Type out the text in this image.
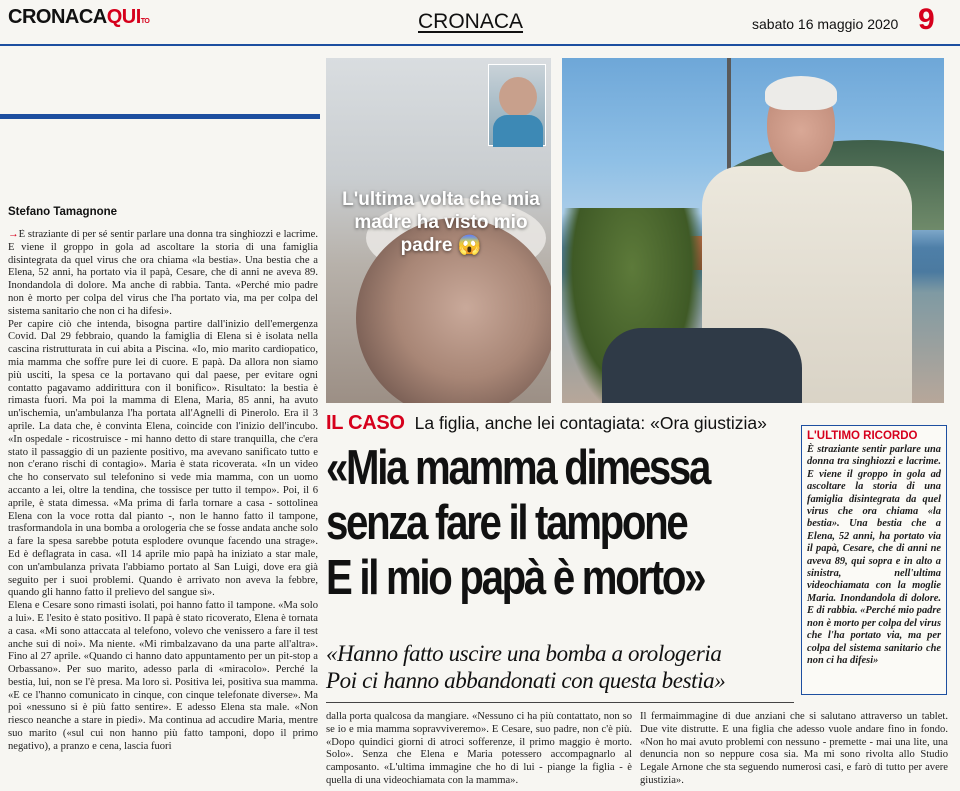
CRONACAQUITO	CRONACA	sabato 16 maggio 2020 9
L'ultima volta che mia madre ha visto mio padre 😱
Stefano Tamagnone

→È straziante di per sé sentir parlare una donna tra singhiozzi e lacrime. E viene il groppo in gola ad ascoltare la storia di una famiglia disintegrata da quel virus che ora chiama «la bestia». Una bestia che a Elena, 52 anni, ha portato via il papà, Cesare, che di anni ne aveva 89. Inondandola di dolore. Ma anche di rabbia. Tanta. «Perché mio padre non è morto per colpa del virus che l'ha portato via, ma per colpa del sistema sanitario che non ci ha difesi».

Per capire ciò che intenda, bisogna partire dall'inizio dell'emergenza Covid. Dal 29 febbraio, quando la famiglia di Elena si è isolata nella cascina ristrutturata in cui abita a Piscina. «Io, mio marito cardiopatico, mia mamma che soffre pure lei di cuore. E papà. Da allora non siamo più usciti, la spesa ce la portavano qui dal paese, per evitare ogni contatto pagavamo addirittura con il bonifico». Risultato: la bestia è rimasta fuori. Ma poi la mamma di Elena, Maria, 85 anni, ha avuto un'ischemia, un'ambulanza l'ha portata all'Agnelli di Pinerolo. Era il 3 aprile. La data che, è convinta Elena, coincide con l'inizio dell'incubo. «In ospedale - ricostruisce - mi hanno detto di stare tranquilla, che c'era stato il passaggio di un paziente positivo, ma avevano sanificato tutto e non c'erano rischi di contagio». Maria è stata ricoverata. «In un video che ho conservato sul telefonino si vede mia mamma, con un uomo accanto a lei, oltre la tendina, che tossisce per tutto il tempo». Poi, il 6 aprile, è stata dimessa. «Ma prima di farla tornare a casa - sottolinea Elena con la voce rotta dal pianto -, non le hanno fatto il tampone, trasformandola in una bomba a orologeria che se fosse andata anche solo a fare la spesa sarebbe potuta esplodere ovunque facendo una strage». Ed è deflagrata in casa. «Il 14 aprile mio papà ha iniziato a star male, con un'ambulanza privata l'abbiamo portato al San Luigi, dove era già seguito per i suoi problemi. Quando è arrivato non aveva la febbre, quando gli hanno fatto il prelievo del sangue sì».

Elena e Cesare sono rimasti isolati, poi hanno fatto il tampone. «Ma solo a lui». E l'esito è stato positivo. Il papà è stato ricoverato, Elena è tornata a casa. «Mi sono attaccata al telefono, volevo che venissero a fare il test anche sui di noi». Ma niente. «Mi rimbalzavano da una parte all'altra». Fino al 27 aprile. «Quando ci hanno dato appuntamento per un pit-stop a Orbassano». Per suo marito, adesso parla di «miracolo». Perché la bestia, lui, non se l'è presa. Ma loro sì. Positiva lei, positiva sua mamma. «E ce l'hanno comunicato in cinque, con cinque telefonate diverse». Ma poi «nessuno si è più fatto sentire». E adesso Elena sta male. «Non riesco neanche a stare in piedi». Ma continua ad accudire Maria, mentre suo marito («sul cui non hanno più fatto tamponi, dopo il primo negativo), a pranzo e cena, lascia fuori

IL CASO La figlia, anche lei contagiata: «Ora giustizia»
«Mia mamma dimessa
senza fare il tampone
E il mio papà è morto»
«Hanno fatto uscire una bomba a orologeria
Poi ci hanno abbandonati con questa bestia»

dalla porta qualcosa da mangiare. «Nessuno ci ha più contattato, non so se io e mia mamma sopravviveremo». E Cesare, suo padre, non c'è più. «Dopo quindici giorni di atroci sofferenze, il primo maggio è morto. Solo». Senza che Elena e Maria potessero accompagnarlo al camposanto. «L'ultima immagine che ho di lui - piange la figlia - è quella di una videochiamata con la mamma».

Il fermaimmagine di due anziani che si salutano attraverso un tablet. Due vite distrutte. E una figlia che adesso vuole andare fino in fondo. «Non ho mai avuto problemi con nessuno - premette - mai una lite, una denuncia non so neppure cosa sia. Ma mi sono rivolta allo Studio Legale Arnone che sta seguendo numerosi casi, e farò di tutto per avere giustizia».

L'ULTIMO RICORDO
È straziante sentir parlare una donna tra singhiozzi e lacrime. E viene il groppo in gola ad ascoltare la storia di una famiglia disintegrata da quel virus che ora chiama «la bestia». Una bestia che a Elena, 52 anni, ha portato via il papà, Cesare, che di anni ne aveva 89, qui sopra e in alto a sinistra, nell'ultima videochiamata con la moglie Maria. Inondandola di dolore. E di rabbia. «Perché mio padre non è morto per colpa del virus che l'ha portato via, ma per colpa del sistema sanitario che non ci ha difesi»
